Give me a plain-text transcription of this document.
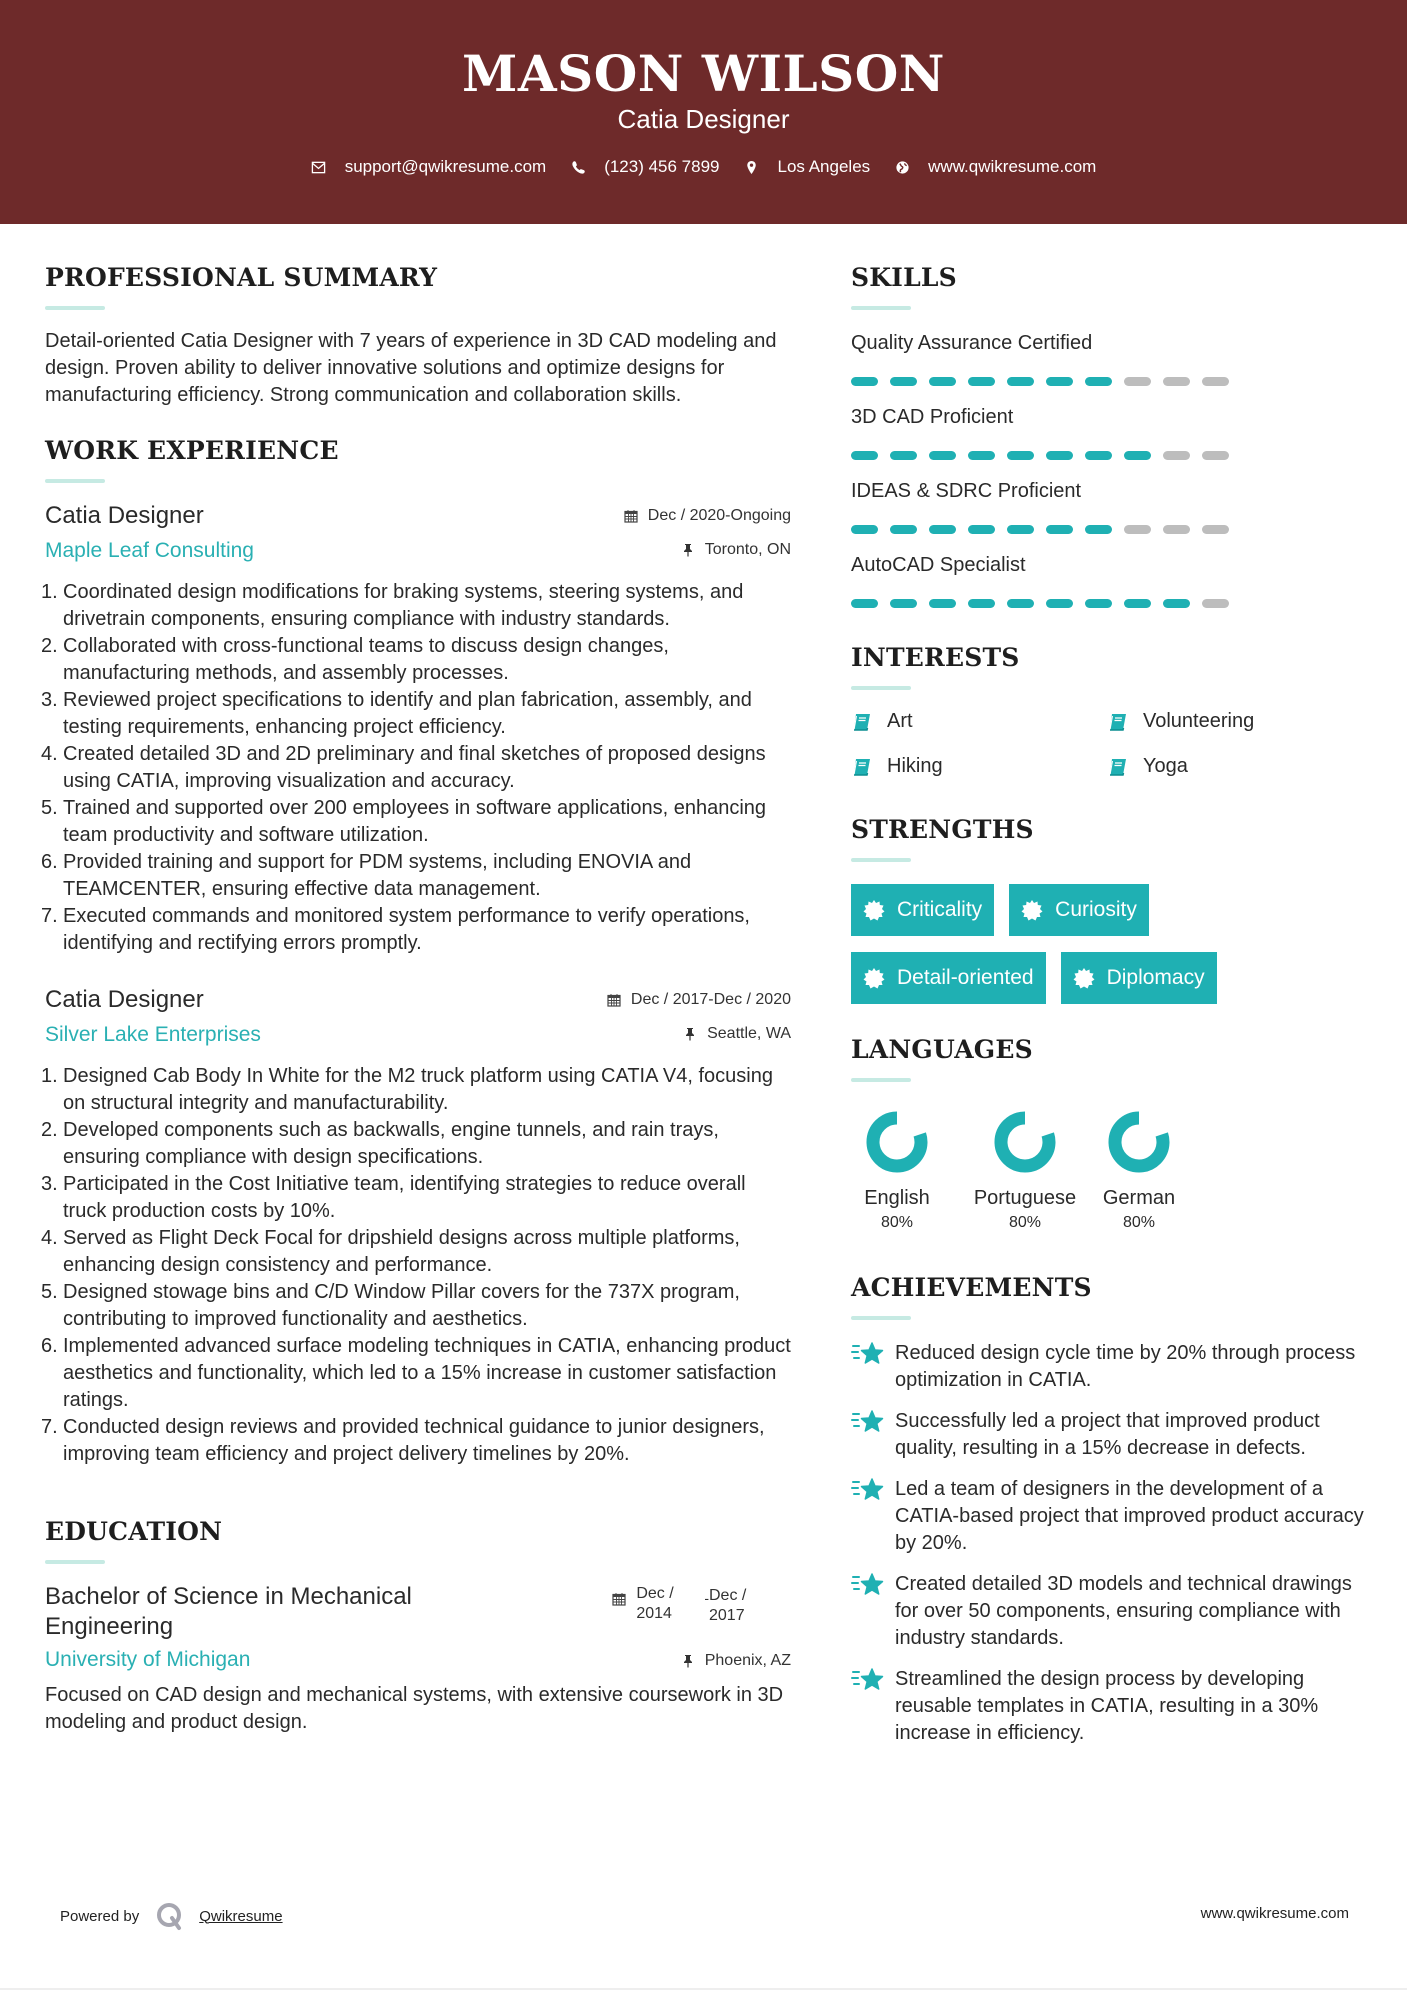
MASON WILSON
Catia Designer
support@qwikresume.com	(123) 456 7899	Los Angeles	www.qwikresume.com
PROFESSIONAL SUMMARY

Detail-oriented Catia Designer with 7 years of experience in 3D CAD modeling and design. Proven ability to deliver innovative solutions and optimize designs for manufacturing efficiency. Strong communication and collaboration skills.

WORK EXPERIENCE
Catia Designer
Maple Leaf Consulting
Dec / 2020-Ongoing
Toronto, ON
1. Coordinated design modifications for braking systems, steering systems, and drivetrain components, ensuring compliance with industry standards.
2. Collaborated with cross-functional teams to discuss design changes, manufacturing methods, and assembly processes.
3. Reviewed project specifications to identify and plan fabrication, assembly, and testing requirements, enhancing project efficiency.
4. Created detailed 3D and 2D preliminary and final sketches of proposed designs using CATIA, improving visualization and accuracy.
5. Trained and supported over 200 employees in software applications, enhancing team productivity and software utilization.
6. Provided training and support for PDM systems, including ENOVIA and TEAMCENTER, ensuring effective data management.
7. Executed commands and monitored system performance to verify operations, identifying and rectifying errors promptly.
Catia Designer
Silver Lake Enterprises
Dec / 2017-Dec / 2020
Seattle, WA
1. Designed Cab Body In White for the M2 truck platform using CATIA V4, focusing on structural integrity and manufacturability.
2. Developed components such as backwalls, engine tunnels, and rain trays, ensuring compliance with design specifications.
3. Participated in the Cost Initiative team, identifying strategies to reduce overall truck production costs by 10%.
4. Served as Flight Deck Focal for dripshield designs across multiple platforms, enhancing design consistency and performance.
5. Designed stowage bins and C/D Window Pillar covers for the 737X program, contributing to improved functionality and aesthetics.
6. Implemented advanced surface modeling techniques in CATIA, enhancing product aesthetics and functionality, which led to a 15% increase in customer satisfaction ratings.
7. Conducted design reviews and provided technical guidance to junior designers, improving team efficiency and project delivery timelines by 20%.
EDUCATION
Bachelor of Science in Mechanical Engineering
Dec / 2014
- Dec / 2017
University of Michigan	Phoenix, AZ

Focused on CAD design and mechanical systems, with extensive coursework in 3D modeling and product design.

SKILLS
Quality Assurance Certified
3D CAD Proficient
IDEAS & SDRC Proficient
AutoCAD Specialist
INTERESTS
Art	Volunteering
Hiking	Yoga
STRENGTHS
Criticality	Curiosity
Detail-oriented	Diplomacy
LANGUAGES
English
80%
Portuguese
80%
German
80%
ACHIEVEMENTS
Reduced design cycle time by 20% through process optimization in CATIA.
Successfully led a project that improved product quality, resulting in a 15% decrease in defects.
Led a team of designers in the development of a CATIA-based project that improved product accuracy by 20%.
Created detailed 3D models and technical drawings for over 50 components, ensuring compliance with industry standards.
Streamlined the design process by developing reusable templates in CATIA, resulting in a 30% increase in efficiency.
Powered by	Qwikresume	www.qwikresume.com
